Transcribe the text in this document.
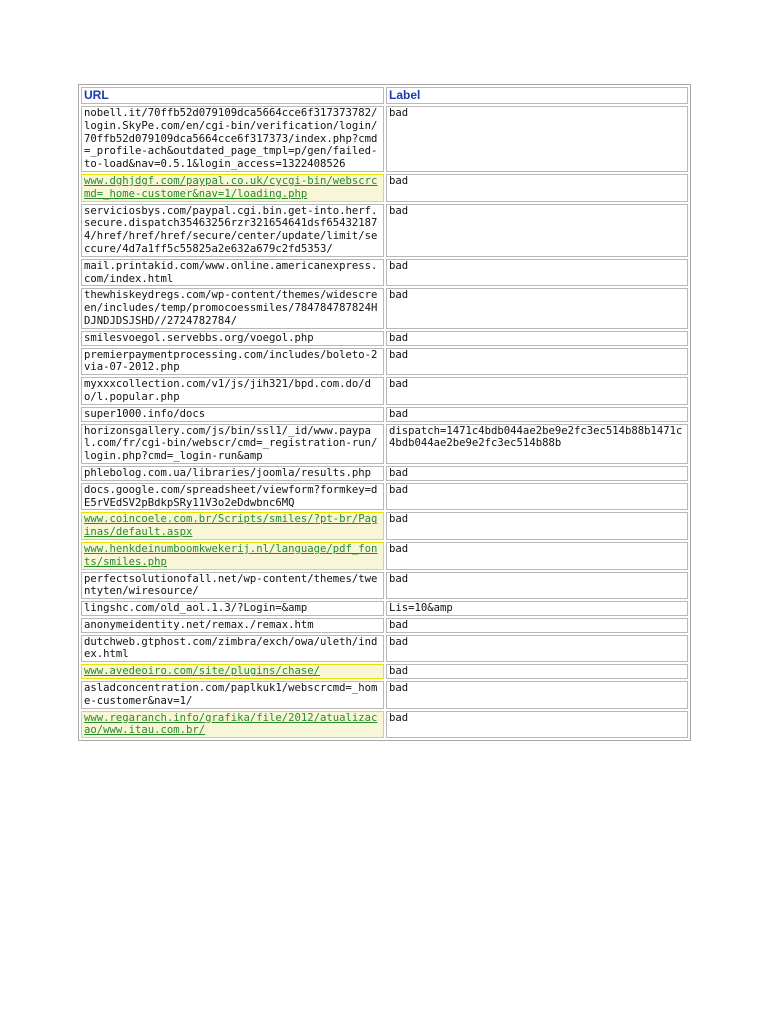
URL	Label
nobell.it/70ffb52d079109dca5664cce6f317373782/login.SkyPe.com/en/cgi-bin/verification/login/70ffb52d079109dca5664cce6f317373/index.php?cmd=_profile-ach&outdated_page_tmpl=p/gen/failed-to-load&nav=0.5.1&login_access=1322408526	bad

www.dghjdgf.com/paypal.co.uk/cycgi-bin/webscrcmd=_home-customer&nav=1/loading.php	bad
serviciosbys.com/paypal.cgi.bin.get-into.herf.secure.dispatch35463256rzr321654641dsf654321874/href/href/href/secure/center/update/limit/seccure/4d7a1ff5c55825a2e632a679c2fd5353/	bad
mail.printakid.com/www.online.americanexpress.com/index.html	bad
thewhiskeydregs.com/wp-content/themes/widescreen/includes/temp/promocoessmiles/784784787824HDJNDJDSJSHD//2724782784/	bad
smilesvoegol.servebbs.org/voegol.php	bad
premierpaymentprocessing.com/includes/boleto-2via-07-2012.php	bad
myxxxcollection.com/v1/js/jih321/bpd.com.do/do/l.popular.php	bad
super1000.info/docs	bad
horizonsgallery.com/js/bin/ssl1/_id/www.paypal.com/fr/cgi-bin/webscr/cmd=_registration-run/login.php?cmd=_login-run&amp	dispatch=1471c4bdb044ae2be9e2fc3ec514b88b1471c4bdb044ae2be9e2fc3ec514b88b
phlebolog.com.ua/libraries/joomla/results.php	bad
docs.google.com/spreadsheet/viewform?formkey=dE5rVEdSV2pBdkpSRy11V3o2eDdwbnc6MQ	bad

www.coincoele.com.br/Scripts/smiles/?pt-br/Paginas/default.aspx	bad

www.henkdeinumboomkwekerij.nl/language/pdf_fonts/smiles.php	bad
perfectsolutionofall.net/wp-content/themes/twentyten/wiresource/	bad
lingshc.com/old_aol.1.3/?Login=&amp	Lis=10&amp
anonymeidentity.net/remax./remax.htm	bad
dutchweb.gtphost.com/zimbra/exch/owa/uleth/index.html	bad

www.avedeoiro.com/site/plugins/chase/	bad
asladconcentration.com/paplkuk1/webscrcmd=_home-customer&nav=1/	bad

www.regaranch.info/grafika/file/2012/atualizacao/www.itau.com.br/	bad
